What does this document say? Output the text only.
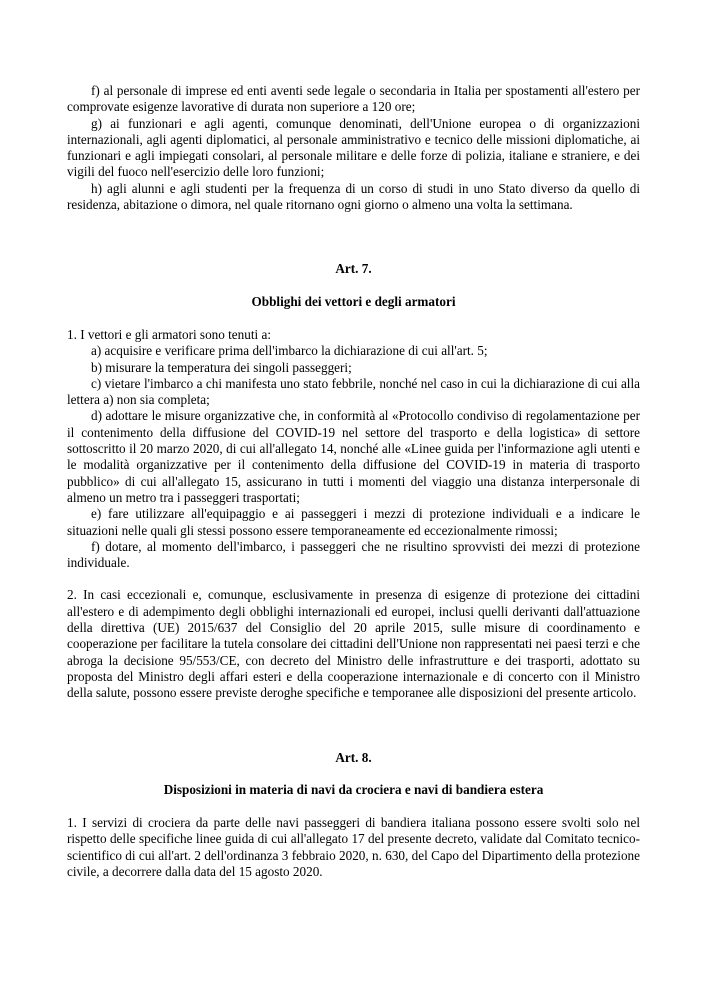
f) al personale di imprese ed enti aventi sede legale o secondaria in Italia per spostamenti all'estero per comprovate esigenze lavorative di durata non superiore a 120 ore;

g) ai funzionari e agli agenti, comunque denominati, dell'Unione europea o di organizzazioni internazionali, agli agenti diplomatici, al personale amministrativo e tecnico delle missioni diplomatiche, ai funzionari e agli impiegati consolari, al personale militare e delle forze di polizia, italiane e straniere, e dei vigili del fuoco nell'esercizio delle loro funzioni;

h) agli alunni e agli studenti per la frequenza di un corso di studi in uno Stato diverso da quello di residenza, abitazione o dimora, nel quale ritornano ogni giorno o almeno una volta la settimana.

Art. 7.

Obblighi dei vettori e degli armatori

1. I vettori e gli armatori sono tenuti a:

a) acquisire e verificare prima dell'imbarco la dichiarazione di cui all'art. 5;

b) misurare la temperatura dei singoli passeggeri;

c) vietare l'imbarco a chi manifesta uno stato febbrile, nonché nel caso in cui la dichiarazione di cui alla lettera a) non sia completa;

d) adottare le misure organizzative che, in conformità al «Protocollo condiviso di regolamentazione per il contenimento della diffusione del COVID-19 nel settore del trasporto e della logistica» di settore sottoscritto il 20 marzo 2020, di cui all'allegato 14, nonché alle «Linee guida per l'informazione agli utenti e le modalità organizzative per il contenimento della diffusione del COVID-19 in materia di trasporto pubblico» di cui all'allegato 15, assicurano in tutti i momenti del viaggio una distanza interpersonale di almeno un metro tra i passeggeri trasportati;

e) fare utilizzare all'equipaggio e ai passeggeri i mezzi di protezione individuali e a indicare le situazioni nelle quali gli stessi possono essere temporaneamente ed eccezionalmente rimossi;

f) dotare, al momento dell'imbarco, i passeggeri che ne risultino sprovvisti dei mezzi di protezione individuale.

2. In casi eccezionali e, comunque, esclusivamente in presenza di esigenze di protezione dei cittadini all'estero e di adempimento degli obblighi internazionali ed europei, inclusi quelli derivanti dall'attuazione della direttiva (UE) 2015/637 del Consiglio del 20 aprile 2015, sulle misure di coordinamento e cooperazione per facilitare la tutela consolare dei cittadini dell'Unione non rappresentati nei paesi terzi e che abroga la decisione 95/553/CE, con decreto del Ministro delle infrastrutture e dei trasporti, adottato su proposta del Ministro degli affari esteri e della cooperazione internazionale e di concerto con il Ministro della salute, possono essere previste deroghe specifiche e temporanee alle disposizioni del presente articolo.

Art. 8.

Disposizioni in materia di navi da crociera e navi di bandiera estera

1. I servizi di crociera da parte delle navi passeggeri di bandiera italiana possono essere svolti solo nel rispetto delle specifiche linee guida di cui all'allegato 17 del presente decreto, validate dal Comitato tecnico-scientifico di cui all'art. 2 dell'ordinanza 3 febbraio 2020, n. 630, del Capo del Dipartimento della protezione civile, a decorrere dalla data del 15 agosto 2020.
